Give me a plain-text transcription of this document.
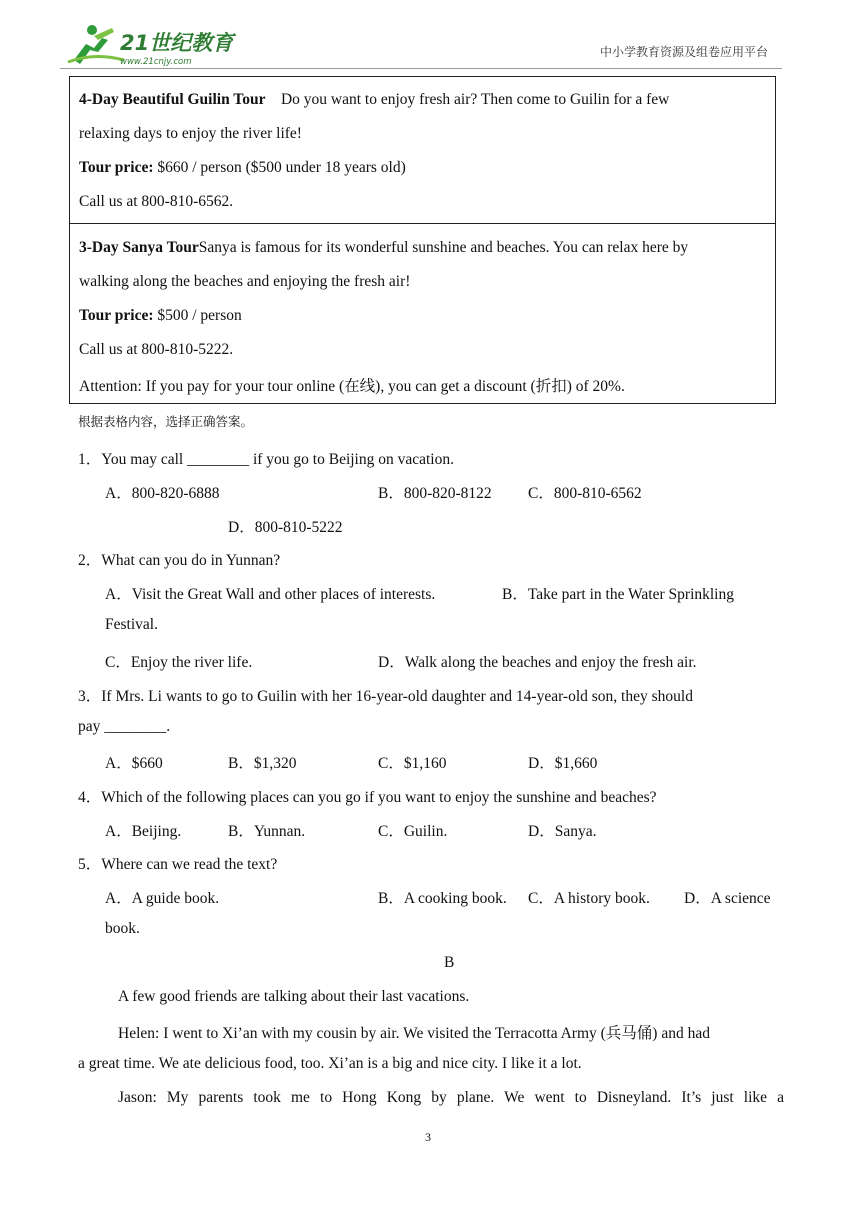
21世纪教育
www.21cnjy.com
中小学教育资源及组卷应用平台
4-Day Beautiful Guilin Tour Do you want to enjoy fresh air? Then come to Guilin for a few
relaxing days to enjoy the river life!
Tour price: $660 / person ($500 under 18 years old)
Call us at 800-810-6562.
3-Day Sanya TourSanya is famous for its wonderful sunshine and beaches. You can relax here by
walking along the beaches and enjoying the fresh air!
Tour price: $500 / person
Call us at 800-810-5222.
Attention: If you pay for your tour online (在线), you can get a discount (折扣) of 20%.
根据表格内容，选择正确答案。
1．You may call ________ if you go to Beijing on vacation.
A．800-820-6888	B．800-820-8122 C．800-810-6562
D．800-810-5222
2．What can you do in Yunnan?
A．Visit the Great Wall and other places of interests.	B．Take part in the Water Sprinkling
Festival.
C．Enjoy the river life.	D．Walk along the beaches and enjoy the fresh air.
3．If Mrs. Li wants to go to Guilin with her 16-year-old daughter and 14-year-old son, they should
pay ________.
A．$660	B．$1,320	C．$1,160	D．$1,660
4．Which of the following places can you go if you want to enjoy the sunshine and beaches?
A．Beijing.	B．Yunnan.	C．Guilin.	D．Sanya.
5．Where can we read the text?
A．A guide book.	B．A cooking book. C．A history book. D．A science
book.
B
A few good friends are talking about their last vacations.
Helen: I went to Xi’an with my cousin by air. We visited the Terracotta Army (兵马俑) and had
a great time. We ate delicious food, too. Xi’an is a big and nice city. I like it a lot.
Jason: My parents took me to Hong Kong by plane. We went to Disneyland. It’s just like a
3
